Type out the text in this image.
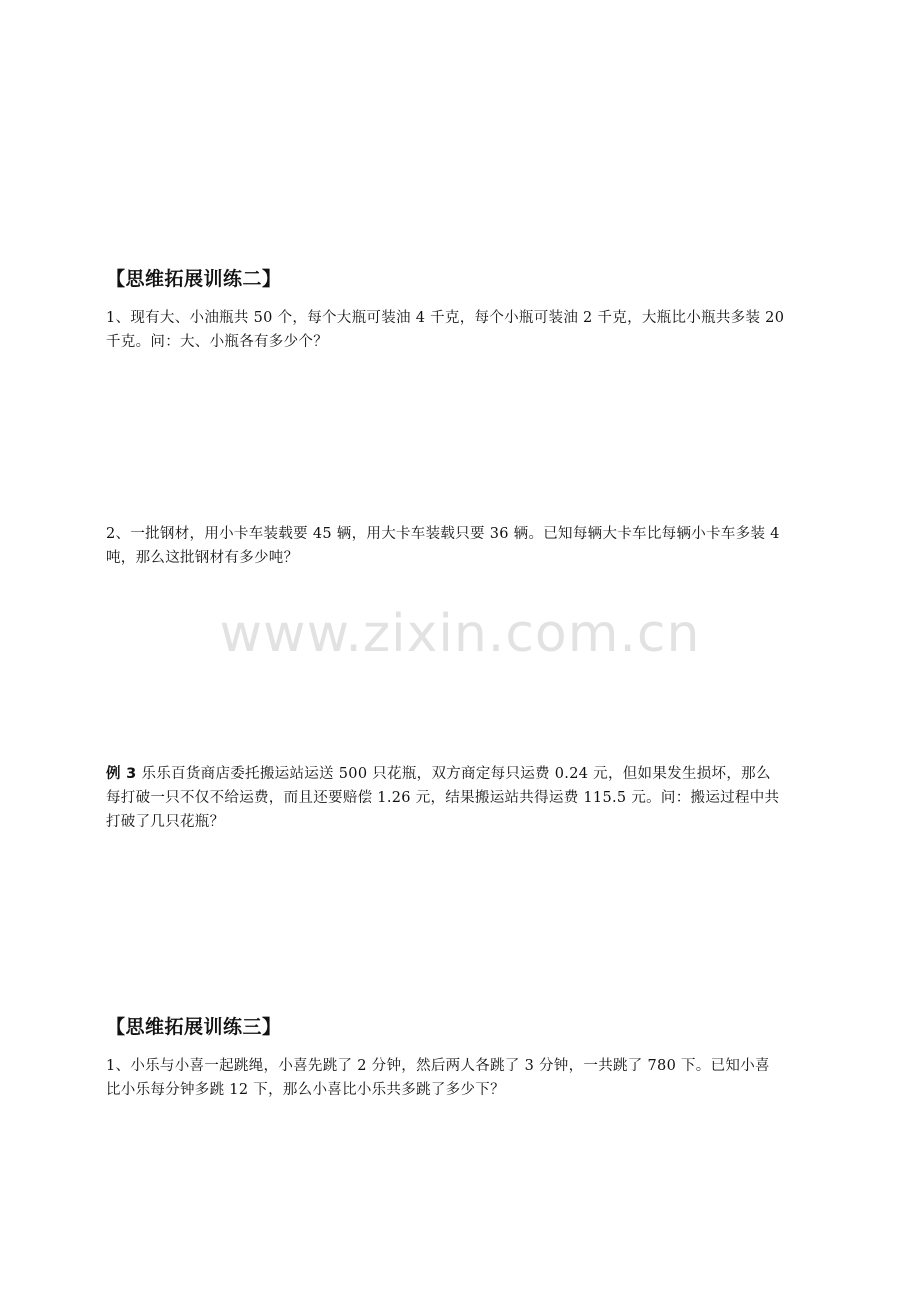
【思维拓展训练二】
1、现有大、小油瓶共 50 个，每个大瓶可装油 4 千克，每个小瓶可装油 2 千克，大瓶比小瓶共多装 20
千克。问：大、小瓶各有多少个？
2、一批钢材，用小卡车装载要 45 辆，用大卡车装载只要 36 辆。已知每辆大卡车比每辆小卡车多装 4
吨，那么这批钢材有多少吨？
www.zixin.com.cn
例 3 乐乐百货商店委托搬运站运送 500 只花瓶，双方商定每只运费 0.24 元，但如果发生损坏，那么
每打破一只不仅不给运费，而且还要赔偿 1.26 元，结果搬运站共得运费 115.5 元。问：搬运过程中共
打破了几只花瓶？
【思维拓展训练三】
1、小乐与小喜一起跳绳，小喜先跳了 2 分钟，然后两人各跳了 3 分钟，一共跳了 780 下。已知小喜
比小乐每分钟多跳 12 下，那么小喜比小乐共多跳了多少下？
